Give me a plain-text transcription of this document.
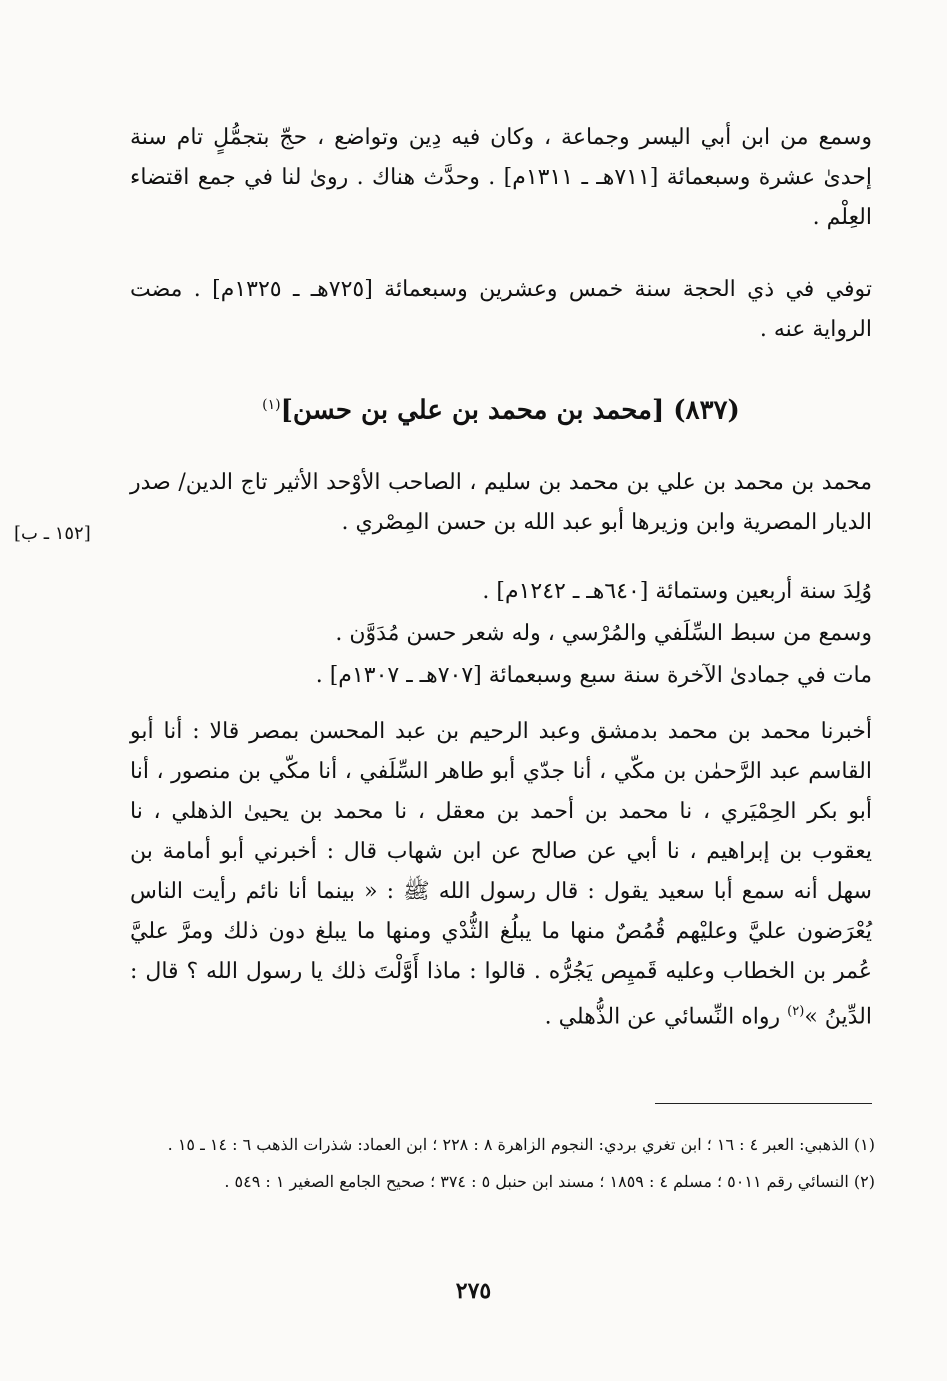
وسمع من ابن أبي اليسر وجماعة ، وكان فيه دِين وتواضع ، حجّ بتجمُّلٍ تام سنة إحدىٰ عشرة وسبعمائة [٧١١هـ ـ ١٣١١م] . وحدَّث هناك . روىٰ لنا في جمع اقتضاء العِلْم .

توفي في ذي الحجة سنة خمس وعشرين وسبعمائة [٧٢٥هـ ـ ١٣٢٥م] . مضت الرواية عنه .

(٨٣٧) [محمد بن محمد بن علي بن حسن]$^{(١)}$

محمد بن محمد بن علي بن محمد بن سليم ، الصاحب الأوْحد الأثير تاج الدين/ صدر الديار المصرية وابن وزيرها أبو عبد الله بن حسن المِصْري .

[١٥٢ ـ ب]

وُلِدَ سنة أربعين وستمائة [٦٤٠هـ ـ ١٢٤٢م] .

وسمع من سبط السِّلَفي والمُرْسي ، وله شعر حسن مُدَوَّن .

مات في جمادىٰ الآخرة سنة سبع وسبعمائة [٧٠٧هـ ـ ١٣٠٧م] .

أخبرنا محمد بن محمد بدمشق وعبد الرحيم بن عبد المحسن بمصر قالا : أنا أبو القاسم عبد الرَّحمٰن بن مكّي ، أنا جدّي أبو طاهر السِّلَفي ، أنا مكّي بن منصور ، أنا أبو بكر الحِمْيَري ، نا محمد بن أحمد بن معقل ، نا محمد بن يحيىٰ الذهلي ، نا يعقوب بن إبراهيم ، نا أبي عن صالح عن ابن شهاب قال : أخبرني أبو أمامة بن سهل أنه سمع أبا سعيد يقول : قال رسول الله ﷺ : « بينما أنا نائم رأيت الناس يُعْرَضون عليَّ وعليْهم قُمُصٌ منها ما يبلُغ الثُّدْي ومنها ما يبلغ دون ذلك ومرَّ عليَّ عُمر بن الخطاب وعليه قَميِص يَجُرُّه . قالوا : ماذا أَوَّلْتَ ذلك يا رسول الله ؟ قال : الدِّينُ »$^{(٢)}$ رواه النِّسائي عن الذُّهلي .

(١) الذهبي: العبر ٤ : ١٦ ؛ ابن تغري بردي: النجوم الزاهرة ٨ : ٢٢٨ ؛ ابن العماد: شذرات الذهب ٦ : ١٤ ـ ١٥ .

(٢) النسائي رقم ٥٠١١ ؛ مسلم ٤ : ١٨٥٩ ؛ مسند ابن حنبل ٥ : ٣٧٤ ؛ صحيح الجامع الصغير ١ : ٥٤٩ .

٢٧٥
